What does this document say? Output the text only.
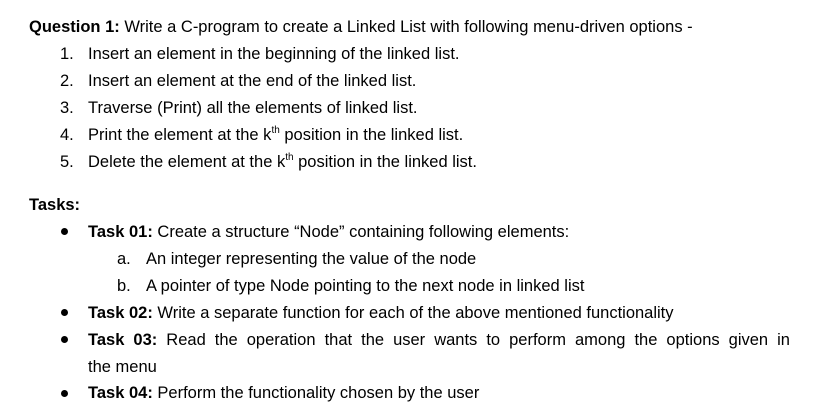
Question 1: Write a C-program to create a Linked List with following menu-driven options -
1. Insert an element in the beginning of the linked list.
2. Insert an element at the end of the linked list.
3. Traverse (Print) all the elements of linked list.
4. Print the element at the $k^{th}$ position in the linked list.
5. Delete the element at the $k^{th}$ position in the linked list.
Tasks:
Task 01: Create a structure “Node” containing following elements:
a. An integer representing the value of the node
b. A pointer of type Node pointing to the next node in linked list
Task 02: Write a separate function for each of the above mentioned functionality
Task 03: Read the operation that the user wants to perform among the options given in
the menu
Task 04: Perform the functionality chosen by the user
